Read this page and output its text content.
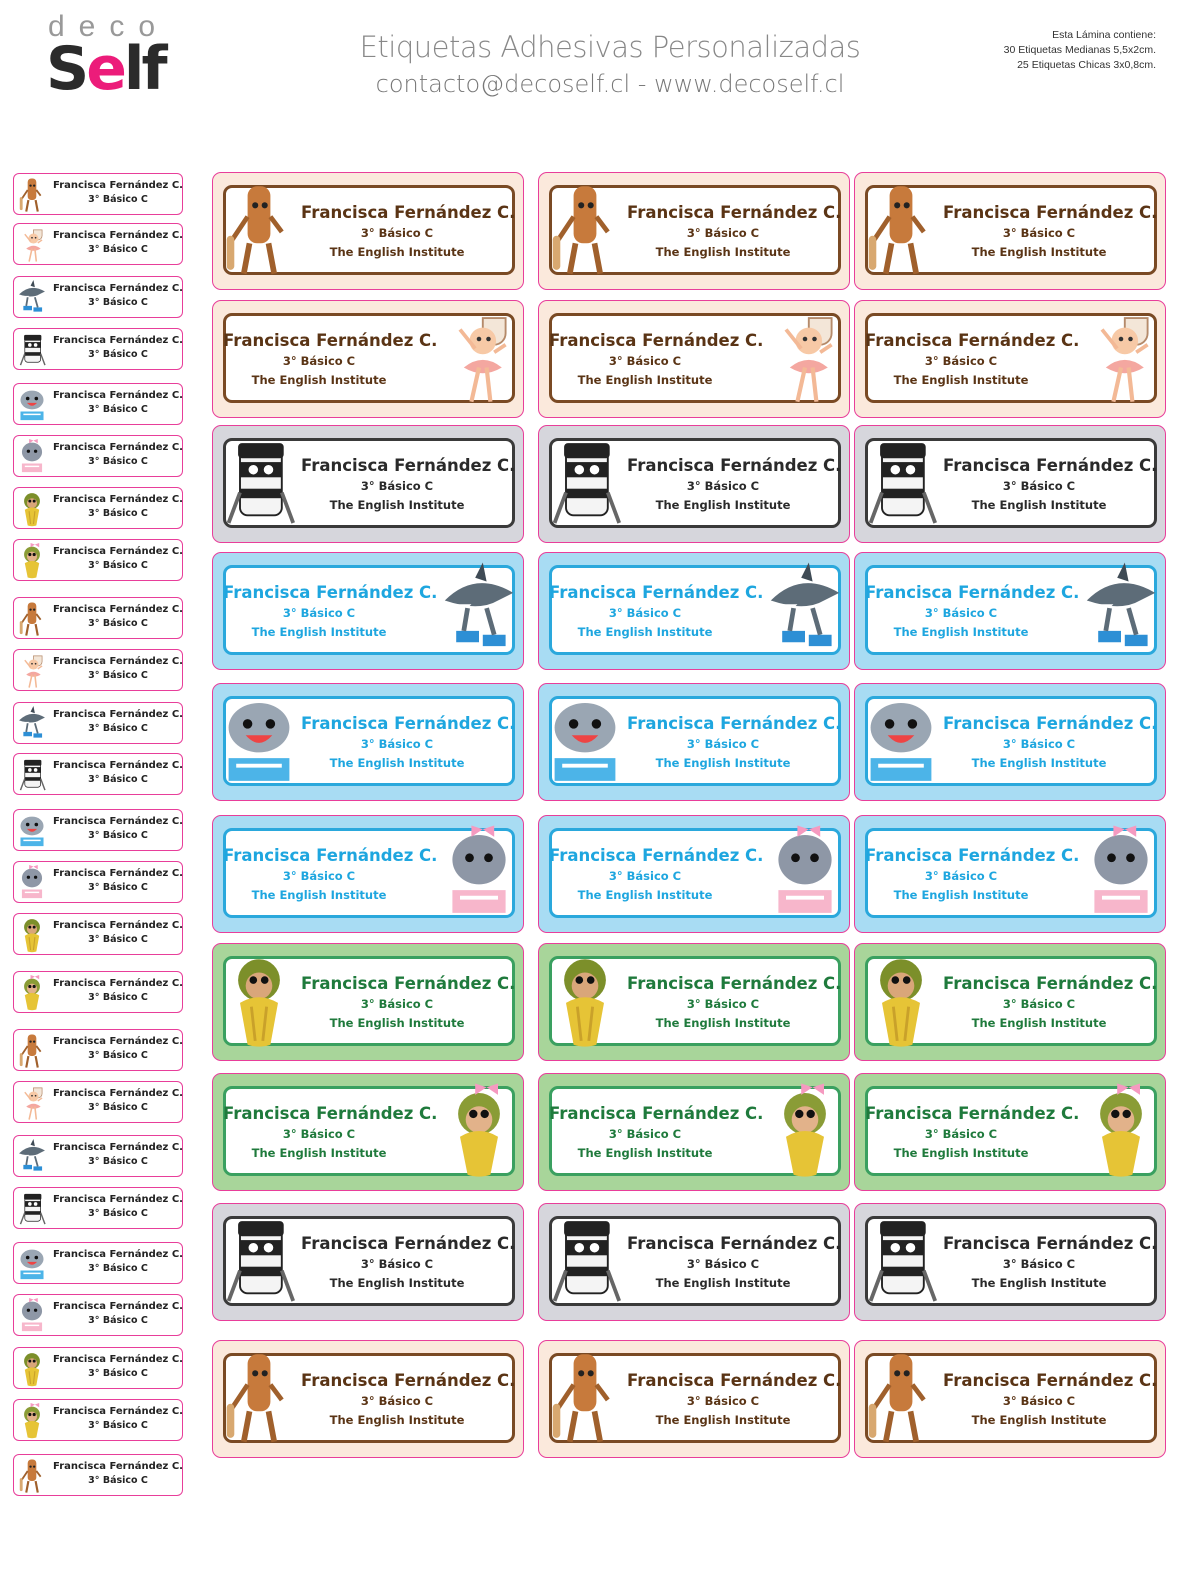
deco
Self	Etiquetas Adhesivas Personalizadas
contacto@decoself.cl - www.decoself.cl
Esta Lámina contiene:
30 Etiquetas Medianas 5,5x2cm.
25 Etiquetas Chicas 3x0,8cm.
Francisca Fernández C.
3° Básico C
Francisca Fernández C.
3° Básico C
Francisca Fernández C.
3° Básico C
Francisca Fernández C.
3° Básico C
Francisca Fernández C.
3° Básico C
Francisca Fernández C.
3° Básico C
Francisca Fernández C.
3° Básico C
Francisca Fernández C.
3° Básico C
Francisca Fernández C.
3° Básico C
Francisca Fernández C.
3° Básico C
Francisca Fernández C.
3° Básico C
Francisca Fernández C.
3° Básico C
Francisca Fernández C.
3° Básico C
Francisca Fernández C.
3° Básico C
Francisca Fernández C.
3° Básico C
Francisca Fernández C.
3° Básico C
Francisca Fernández C.
3° Básico C
Francisca Fernández C.
3° Básico C
Francisca Fernández C.
3° Básico C
Francisca Fernández C.
3° Básico C
Francisca Fernández C.
3° Básico C
Francisca Fernández C.
3° Básico C
Francisca Fernández C.
3° Básico C
Francisca Fernández C.
3° Básico C
Francisca Fernández C.
3° Básico C
Francisca Fernández C.
3° Básico C
The English Institute
Francisca Fernández C.
3° Básico C
The English Institute
Francisca Fernández C.
3° Básico C
The English Institute
Francisca Fernández C.
3° Básico C
The English Institute
Francisca Fernández C.
3° Básico C
The English Institute
Francisca Fernández C.
3° Básico C
The English Institute
Francisca Fernández C.
3° Básico C
The English Institute
Francisca Fernández C.
3° Básico C
The English Institute
Francisca Fernández C.
3° Básico C
The English Institute
Francisca Fernández C.
3° Básico C
The English Institute
Francisca Fernández C.
3° Básico C
The English Institute
Francisca Fernández C.
3° Básico C
The English Institute
Francisca Fernández C.
3° Básico C
The English Institute
Francisca Fernández C.
3° Básico C
The English Institute
Francisca Fernández C.
3° Básico C
The English Institute
Francisca Fernández C.
3° Básico C
The English Institute
Francisca Fernández C.
3° Básico C
The English Institute
Francisca Fernández C.
3° Básico C
The English Institute
Francisca Fernández C.
3° Básico C
The English Institute
Francisca Fernández C.
3° Básico C
The English Institute
Francisca Fernández C.
3° Básico C
The English Institute
Francisca Fernández C.
3° Básico C
The English Institute
Francisca Fernández C.
3° Básico C
The English Institute
Francisca Fernández C.
3° Básico C
The English Institute
Francisca Fernández C.
3° Básico C
The English Institute
Francisca Fernández C.
3° Básico C
The English Institute
Francisca Fernández C.
3° Básico C
The English Institute
Francisca Fernández C.
3° Básico C
The English Institute
Francisca Fernández C.
3° Básico C
The English Institute
Francisca Fernández C.
3° Básico C
The English Institute
